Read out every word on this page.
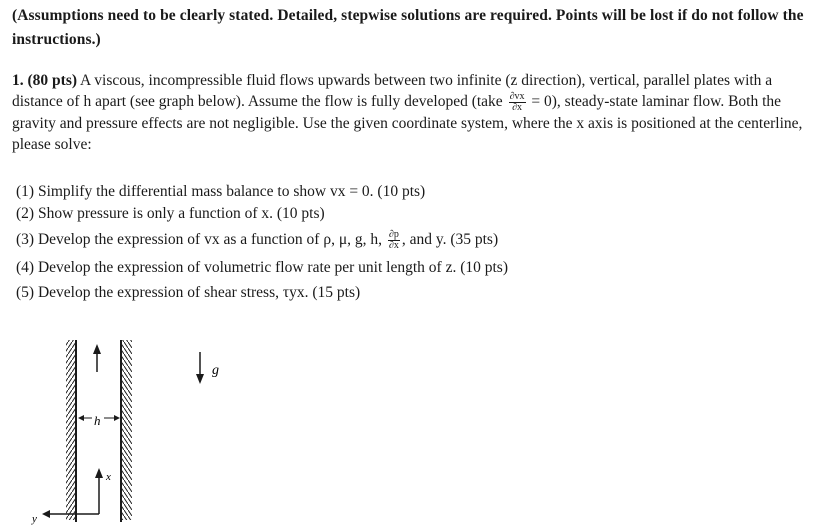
(Assumptions need to be clearly stated. Detailed, stepwise solutions are required. Points will be lost if do not follow the instructions.)
1. (80 pts) A viscous, incompressible fluid flows upwards between two infinite (z direction), vertical, parallel plates with a distance of h apart (see graph below). Assume the flow is fully developed (take $\frac{\partial vx}{\partial x} = 0$), steady-state laminar flow. Both the gravity and pressure effects are not negligible. Use the given coordinate system, where the x axis is positioned at the centerline, please solve:
(1) Simplify the differential mass balance to show vx = 0. (10 pts)
(2) Show pressure is only a function of x. (10 pts)
(3) Develop the expression of vx as a function of ρ, μ, g, h, $\frac{\partial p}{\partial x}$ , and y. (35 pts)
(4) Develop the expression of volumetric flow rate per unit length of z. (10 pts)
(5) Develop the expression of shear stress, τyx. (15 pts)
h
x
y
g
